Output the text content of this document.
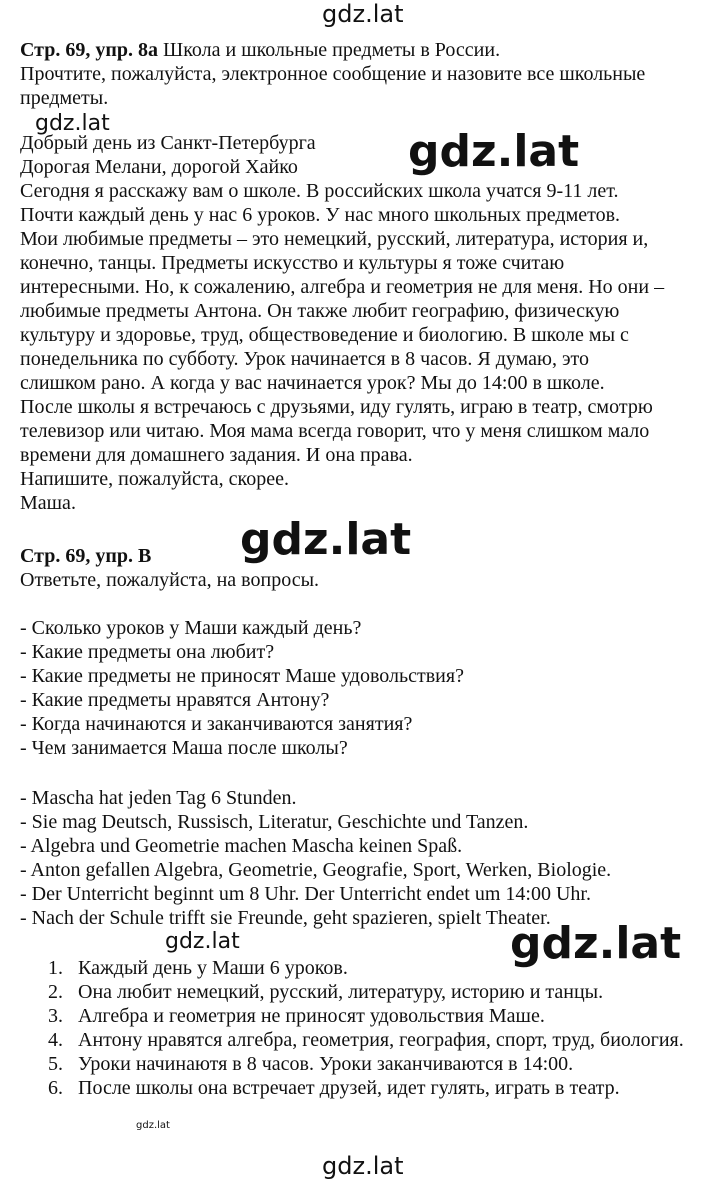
Стр. 69, упр. 8а Школа и школьные предметы в России.
Прочтите, пожалуйста, электронное сообщение и назовите все школьные
предметы.
Добрый день из Санкт-Петербурга
Дорогая Мелани, дорогой Хайко
Сегодня я расскажу вам о школе. В российских школа учатся 9-11 лет.
Почти каждый день у нас 6 уроков. У нас много школьных предметов.
Мои любимые предметы – это немецкий, русский, литература, история и,
конечно, танцы. Предметы искусство и культуры я тоже считаю
интересными. Но, к сожалению, алгебра и геометрия не для меня. Но они –
любимые предметы Антона. Он также любит географию, физическую
культуру и здоровье, труд, обществоведение и биологию. В школе мы с
понедельника по субботу. Урок начинается в 8 часов. Я думаю, это
слишком рано. А когда у вас начинается урок? Мы до 14:00 в школе.
После школы я встречаюсь с друзьями, иду гулять, играю в театр, смотрю
телевизор или читаю. Моя мама всегда говорит, что у меня слишком мало
времени для домашнего задания. И она права.
Напишите, пожалуйста, скорее.
Маша.
Стр. 69, упр. В
Ответьте, пожалуйста, на вопросы.
- Сколько уроков у Маши каждый день?
- Какие предметы она любит?
- Какие предметы не приносят Маше удовольствия?
- Какие предметы нравятся Антону?
- Когда начинаются и заканчиваются занятия?
- Чем занимается Маша после школы?
- Mascha hat jeden Tag 6 Stunden.
- Sie mag Deutsch, Russisch, Literatur, Geschichte und Tanzen.
- Algebra und Geometrie machen Mascha keinen Spaß.
- Anton gefallen Algebra, Geometrie, Geografie, Sport, Werken, Biologie.
- Der Unterricht beginnt um 8 Uhr. Der Unterricht endet um 14:00 Uhr.
- Nach der Schule trifft sie Freunde, geht spazieren, spielt Theater.
1. Каждый день у Маши 6 уроков.
2. Она любит немецкий, русский, литературу, историю и танцы.
3. Алгебра и геометрия не приносят удовольствия Маше.
4. Антону нравятся алгебра, геометрия, география, спорт, труд, биология.
5. Уроки начинаютя в 8 часов. Уроки заканчиваются в 14:00.
6. После школы она встречает друзей, идет гулять, играть в театр.
gdz.lat
gdz.lat
gdz.lat
gdz.lat
gdz.lat	gdz.lat
gdz.lat
gdz.lat
